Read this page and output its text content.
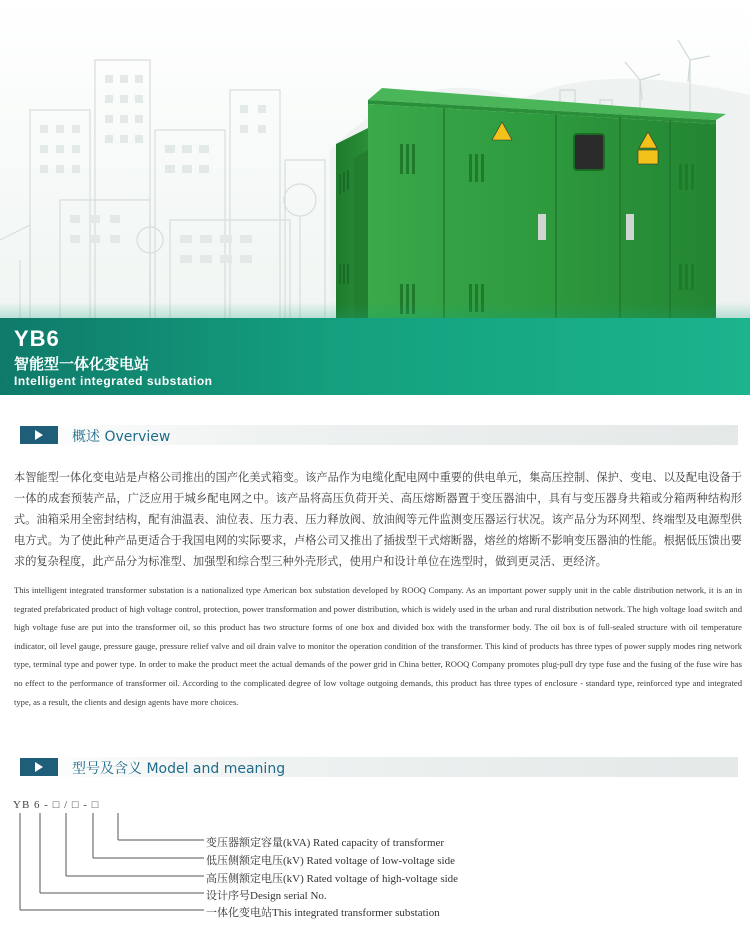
YB6
智能型一体化变电站
Intelligent integrated substation
概述 Overview
本智能型一体化变电站是卢格公司推出的国产化美式箱变。该产品作为电缆化配电网中重要的供电单元，集高压控制、保护、变电、以及配电设备于一体的成套预装产品，广泛应用于城乡配电网之中。该产品将高压负荷开关、高压熔断器置于变压器油中，具有与变压器身共箱或分箱两种结构形式。油箱采用全密封结构，配有油温表、油位表、压力表、压力释放阀、放油阀等元件监测变压器运行状况。该产品分为环网型、终端型及电源型供电方式。为了使此种产品更适合于我国电网的实际要求，卢格公司又推出了插拔型干式熔断器，熔丝的熔断不影响变压器油的性能。根据低压馈出要求的复杂程度，此产品分为标准型、加强型和综合型三种外壳形式，使用户和设计单位在选型时，做到更灵活、更经济。
This intelligent integrated transformer substation is a nationalized type American box substation developed by ROOQ Company. As an important power supply unit in the cable distribution network, it is an in tegrated prefabricated product of high voltage control, protection, power transformation and power distribution, which is widely used in the urban and rural distribution network. The high voltage load switch and high voltage fuse are put into the transformer oil, so this product has two structure forms of one box and divided box with the transformer body. The oil box is of full-sealed structure with oil temperature indicator, oil level gauge, pressure gauge, pressure relief valve and oil drain valve to monitor the operation condition of the transformer. This kind of products has three types of power supply modes ring network type, terminal type and power type. In order to make the product meet the actual demands of the power grid in China better, ROOQ Company promotes plug-pull dry type fuse and the fusing of the fuse wire has no effect to the performance of transformer oil. According to the complicated degree of low voltage outgoing demands, this product has three types of enclosure - standard type, reinforced type and integrated type, as a result, the clients and design agents have more choices.
型号及含义 Model and meaning
YB 6 - □ / □ - □
变压器额定容量(kVA) Rated capacity of transformer
低压侧额定电压(kV) Rated voltage of low-voltage side
高压侧额定电压(kV) Rated voltage of high-voltage side
设计序号Design serial No.
一体化变电站This integrated transformer substation
